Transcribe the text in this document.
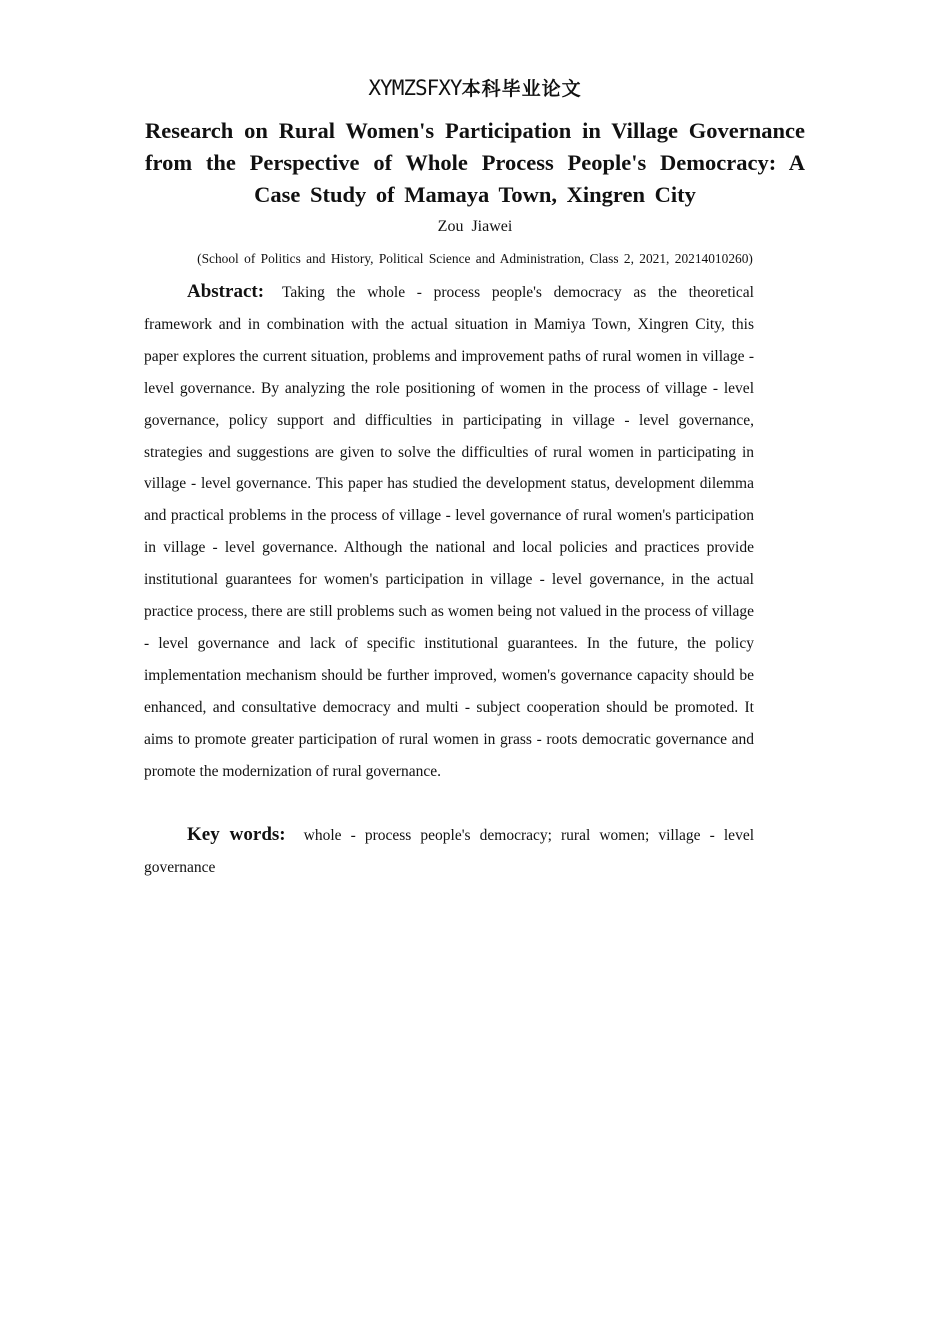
XYMZSFXY本科毕业论文
Research on Rural Women's Participation in Village Governance from the Perspective of Whole Process People's Democracy: A Case Study of Mamaya Town, Xingren City
Zou Jiawei
(School of Politics and History, Political Science and Administration, Class 2, 2021, 20214010260)
Abstract: Taking the whole - process people's democracy as the theoretical framework and in combination with the actual situation in Mamiya Town, Xingren City, this paper explores the current situation, problems and improvement paths of rural women in village - level governance. By analyzing the role positioning of women in the process of village - level governance, policy support and difficulties in participating in village - level governance, strategies and suggestions are given to solve the difficulties of rural women in participating in village - level governance. This paper has studied the development status, development dilemma and practical problems in the process of village - level governance of rural women's participation in village - level governance. Although the national and local policies and practices provide institutional guarantees for women's participation in village - level governance, in the actual practice process, there are still problems such as women being not valued in the process of village - level governance and lack of specific institutional guarantees. In the future, the policy implementation mechanism should be further improved, women's governance capacity should be enhanced, and consultative democracy and multi - subject cooperation should be promoted. It aims to promote greater participation of rural women in grass - roots democratic governance and promote the modernization of rural governance.
Key words: whole - process people's democracy; rural women; village - level governance
